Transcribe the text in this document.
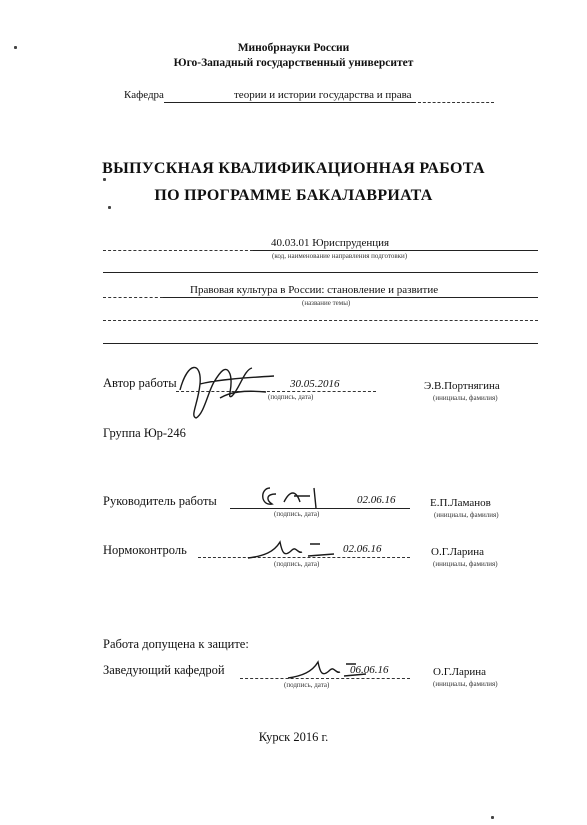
Минобрнауки России
Юго-Западный государственный университет
Кафедра	теории и истории государства и права
ВЫПУСКНАЯ КВАЛИФИКАЦИОННАЯ РАБОТА
ПО ПРОГРАММЕ БАКАЛАВРИАТА
40.03.01 Юриспруденция
(код, наименование направления подготовки)
Правовая культура в России: становление и развитие
(название темы)
Автор работы	30.05.2016
(подпись, дата)
Э.В.Портнягина
(инициалы, фамилия)
Группа Юр-246
Руководитель работы	02.06.16
(подпись, дата)
Е.П.Ламанов
(инициалы, фамилия)
Нормоконтроль	02.06.16
(подпись, дата)
О.Г.Ларина
(инициалы, фамилия)
Работа допущена к защите:
Заведующий кафедрой	06.06.16
(подпись, дата)
О.Г.Ларина
(инициалы, фамилия)
Курск 2016 г.
